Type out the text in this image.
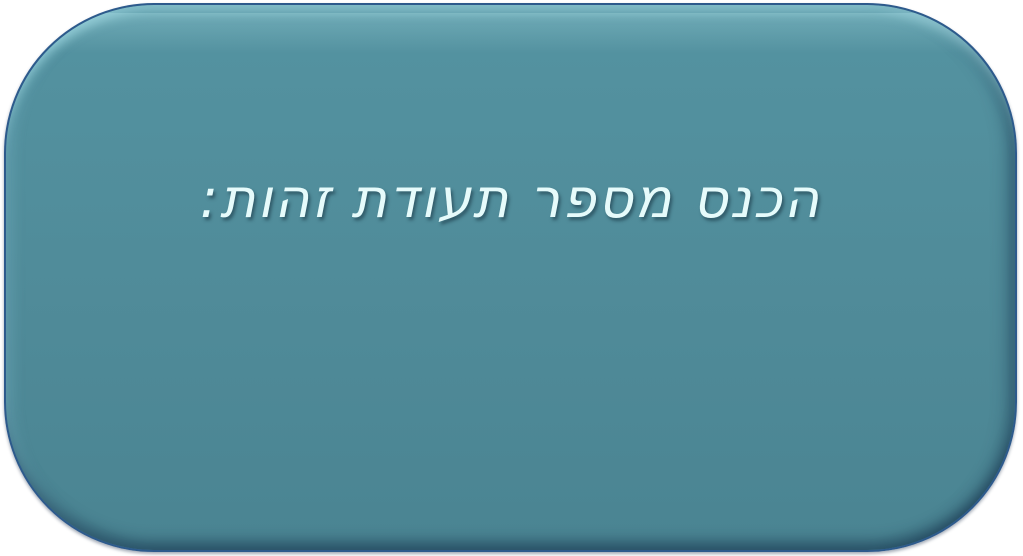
הכנס מספר תעודת זהות:
